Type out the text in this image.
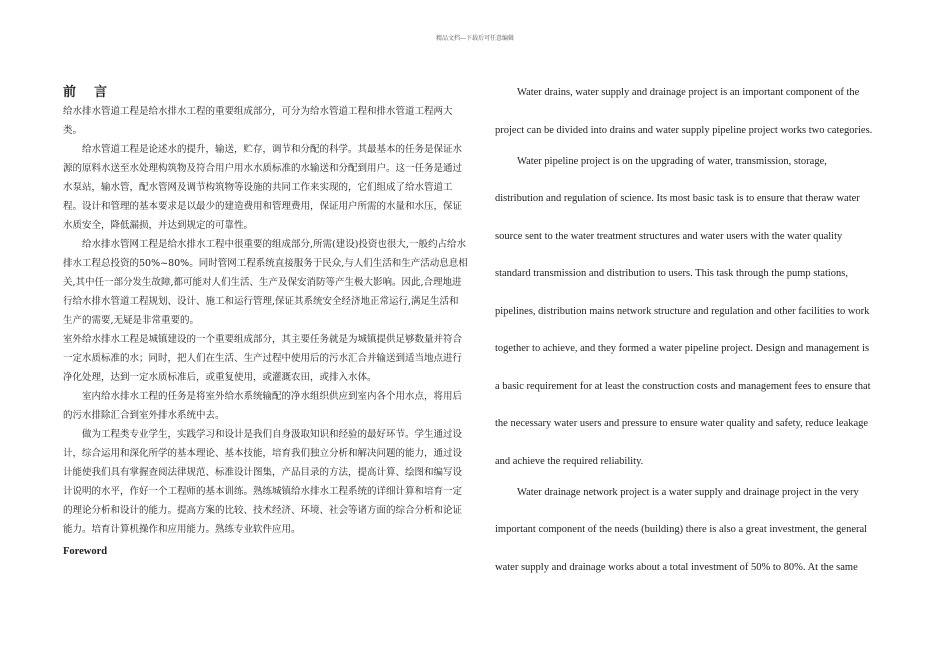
精品文档---下载后可任意编辑
前 言

给水排水管道工程是给水排水工程的重要组成部分，可分为给水管道工程和排水管道工程两大类。

给水管道工程是论述水的提升，输送，贮存，调节和分配的科学。其最基本的任务是保证水源的原料水送至水处理构筑物及符合用户用水水质标准的水输送和分配到用户。这一任务是通过水泵站，输水管，配水管网及调节构筑物等设施的共同工作来实现的，它们组成了给水管道工程。设计和管理的基本要求是以最少的建造费用和管理费用，保证用户所需的水量和水压，保证水质安全，降低漏损，并达到规定的可靠性。

给水排水管网工程是给水排水工程中很重要的组成部分,所需(建设)投资也很大,一般约占给水排水工程总投资的50%~80%。同时管网工程系统直接服务于民众,与人们生活和生产活动息息相关,其中任一部分发生故障,都可能对人们生活、生产及保安消防等产生极大影响。因此,合理地进行给水排水管道工程规划、设计、施工和运行管理,保证其系统安全经济地正常运行,满足生活和生产的需要,无疑是非常重要的。

室外给水排水工程是城镇建设的一个重要组成部分，其主要任务就是为城镇提供足够数量并符合一定水质标准的水；同时，把人们在生活、生产过程中使用后的污水汇合并输送到适当地点进行净化处理，达到一定水质标准后，或重复使用，或灌溉农田，或排入水体。

室内给水排水工程的任务是将室外给水系统输配的净水组织供应到室内各个用水点，将用后的污水排除汇合到室外排水系统中去。

做为工程类专业学生，实践学习和设计是我们自身汲取知识和经验的最好环节。学生通过设计，综合运用和深化所学的基本理论、基本技能，培育我们独立分析和解决问题的能力，通过设计能使我们具有掌握查阅法律规范、标准设计图集，产品目录的方法，提高计算、绘图和编写设计说明的水平，作好一个工程师的基本训练。熟练城镇给水排水工程系统的详细计算和培育一定的理论分析和设计的能力。提高方案的比较、技术经济、环境、社会等诸方面的综合分析和论证能力。培育计算机操作和应用能力。熟练专业软件应用。

Foreword
Water drains, water supply and drainage project is an important component of the
project can be divided into drains and water supply pipeline project works two categories.
Water pipeline project is on the upgrading of water, transmission, storage,
distribution and regulation of science. Its most basic task is to ensure that theraw water
source sent to the water treatment structures and water users with the water quality
standard transmission and distribution to users. This task through the pump stations,
pipelines, distribution mains network structure and regulation and other facilities to work
together to achieve, and they formed a water pipeline project. Design and management is
a basic requirement for at least the construction costs and management fees to ensure that
the necessary water users and pressure to ensure water quality and safety, reduce leakage
and achieve the required reliability.
Water drainage network project is a water supply and drainage project in the very
important component of the needs (building) there is also a great investment, the general
water supply and drainage works about a total investment of 50% to 80%. At the same
